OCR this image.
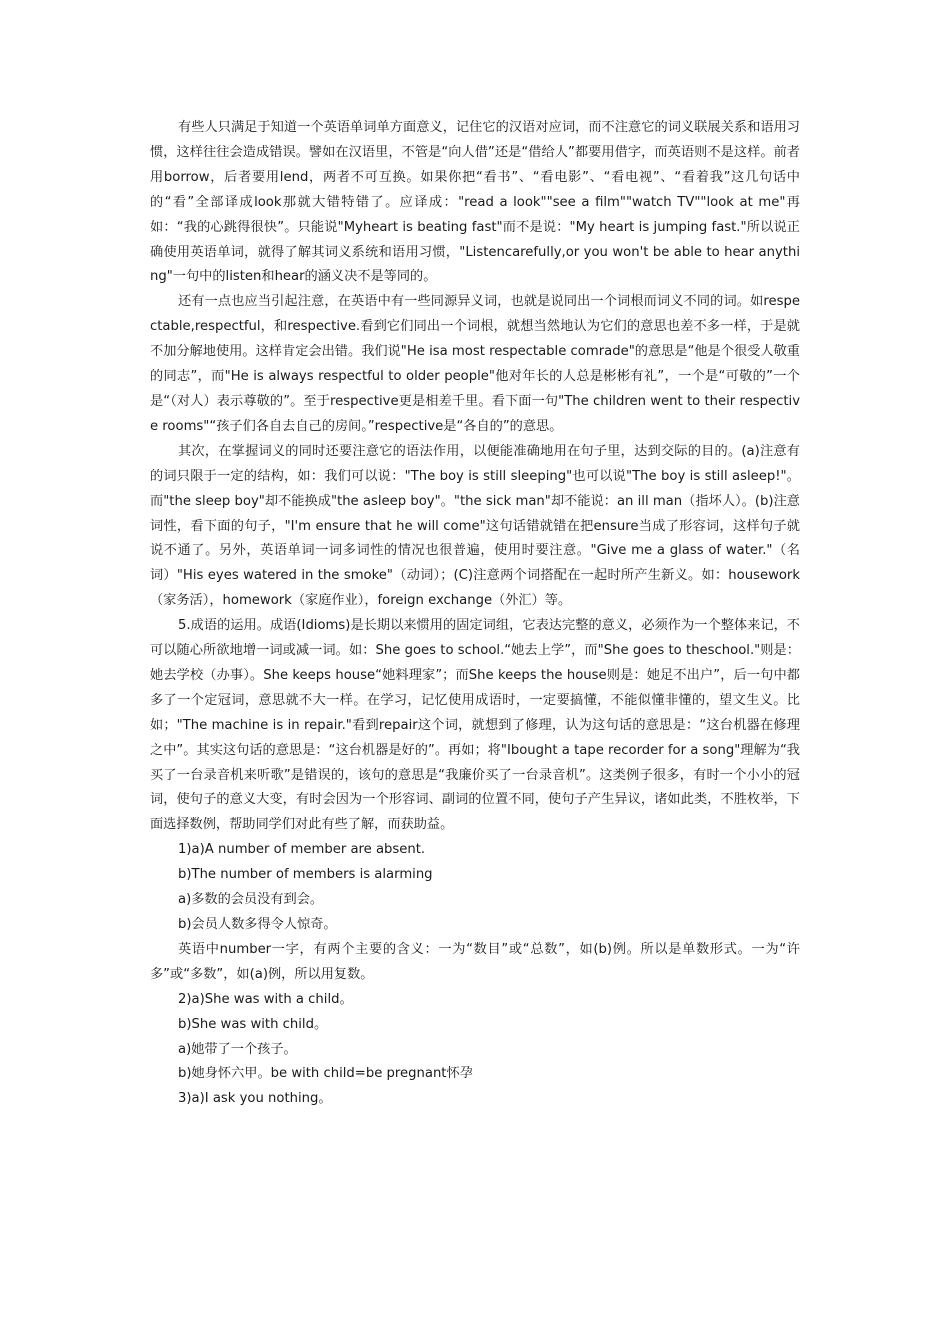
有些人只满足于知道一个英语单词单方面意义，记住它的汉语对应词，而不注意它的词义联展关系和语用习惯，这样往往会造成错误。譬如在汉语里，不管是“向人借”还是“借给人”都要用借字，而英语则不是这样。前者用borrow，后者要用lend，两者不可互换。如果你把“看书”、“看电影”、“看电视”、“看着我”这几句话中的“看”全部译成look那就大错特错了。应译成："read a look""see a film""watch TV""look at me"再如：“我的心跳得很快”。只能说"Myheart is beating fast"而不是说："My heart is jumping fast."所以说正确使用英语单词，就得了解其词义系统和语用习惯，"Listencarefully,or you won't be able to hear anything"一句中的listen和hear的涵义决不是等同的。

还有一点也应当引起注意，在英语中有一些同源异义词，也就是说同出一个词根而词义不同的词。如respectable,respectful，和respective.看到它们同出一个词根，就想当然地认为它们的意思也差不多一样，于是就不加分解地使用。这样肯定会出错。我们说"He isa most respectable comrade"的意思是“他是个很受人敬重的同志”，而"He is always respectful to older people"他对年长的人总是彬彬有礼”，一个是“可敬的”一个是“（对人）表示尊敬的”。至于respective更是相差千里。看下面一句"The children went to their respective rooms"“孩子们各自去自己的房间。”respective是“各自的”的意思。

其次，在掌握词义的同时还要注意它的语法作用，以便能准确地用在句子里，达到交际的目的。(a)注意有的词只限于一定的结构，如：我们可以说："The boy is still sleeping"也可以说"The boy is still asleep!"。而"the sleep boy"却不能换成"the asleep boy"。"the sick man"却不能说：an ill man（指坏人）。(b)注意词性，看下面的句子，"I'm ensure that he will come"这句话错就错在把ensure当成了形容词，这样句子就说不通了。另外，英语单词一词多词性的情况也很普遍，使用时要注意。"Give me a glass of water."（名词）"His eyes watered in the smoke"（动词）；(C)注意两个词搭配在一起时所产生新义。如：housework（家务活），homework（家庭作业），foreign exchange（外汇）等。

5.成语的运用。成语(Idioms)是长期以来惯用的固定词组，它表达完整的意义，必须作为一个整体来记，不可以随心所欲地增一词或减一词。如：She goes to school.“她去上学”，而"She goes to theschool."则是：她去学校（办事）。She keeps house“她料理家”；而She keeps the house则是：她足不出户”，后一句中都多了一个定冠词，意思就不大一样。在学习，记忆使用成语时，一定要搞懂，不能似懂非懂的，望文生义。比如；"The machine is in repair."看到repair这个词，就想到了修理，认为这句话的意思是：“这台机器在修理之中”。其实这句话的意思是：“这台机器是好的”。再如；将"Ibought a tape recorder for a song"理解为“我买了一台录音机来听歌”是错误的，该句的意思是“我廉价买了一台录音机”。这类例子很多，有时一个小小的冠词，使句子的意义大变，有时会因为一个形容词、副词的位置不同，使句子产生异议，诸如此类，不胜枚举，下面选择数例，帮助同学们对此有些了解，而获助益。

1)a)A number of member are absent.

b)The number of members is alarming

a)多数的会员没有到会。

b)会员人数多得令人惊奇。

英语中number一字，有两个主要的含义：一为“数目”或“总数”，如(b)例。所以是单数形式。一为“许多”或“多数”，如(a)例，所以用复数。

2)a)She was with a child。

b)She was with child。

a)她带了一个孩子。

b)她身怀六甲。be with child=be pregnant怀孕

3)a)I ask you nothing。
